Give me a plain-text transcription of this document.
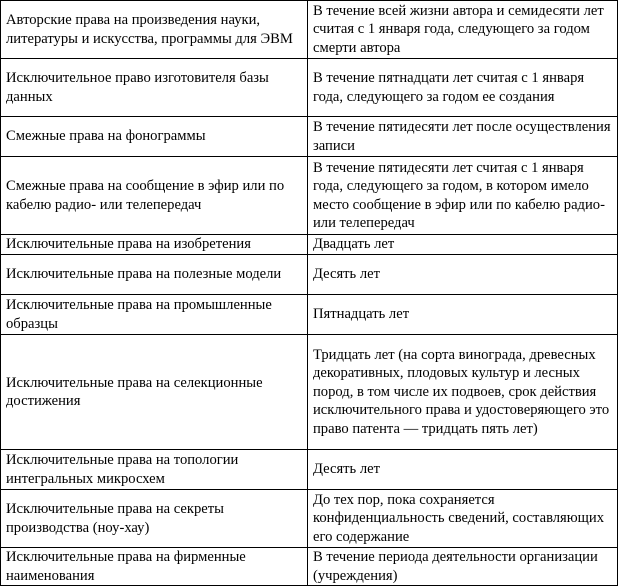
Авторские права на произведения науки, литературы и искусства, программы для ЭВМ	В течение всей жизни автора и семидесяти лет считая с 1 января года, следующего за годом смерти автора
Исключительное право изготовителя базы данных	В течение пятнадцати лет считая с 1 января года, следующего за годом ее создания
Смежные права на фонограммы	В течение пятидесяти лет после осуществления записи
Смежные права на сообщение в эфир или по кабелю радио- или телепередач	В течение пятидесяти лет считая с 1 января года, следующего за годом, в котором имело место сообщение в эфир или по кабелю радио- или телепередач
Исключительные права на изобретения	Двадцать лет
Исключительные права на полезные модели	Десять лет
Исключительные права на промышленные образцы	Пятнадцать лет
Исключительные права на селекционные достижения	Тридцать лет (на сорта винограда, древесных декоративных, плодовых культур и лесных пород, в том числе их подвоев, срок действия исключительного права и удостоверяющего это право патента — тридцать пять лет)
Исключительные права на топологии интегральных микросхем	Десять лет
Исключительные права на секреты производства (ноу-хау)	До тех пор, пока сохраняется конфиденциальность сведений, составляющих его содержание
Исключительные права на фирменные наименования	В течение периода деятельности организации (учреждения)
